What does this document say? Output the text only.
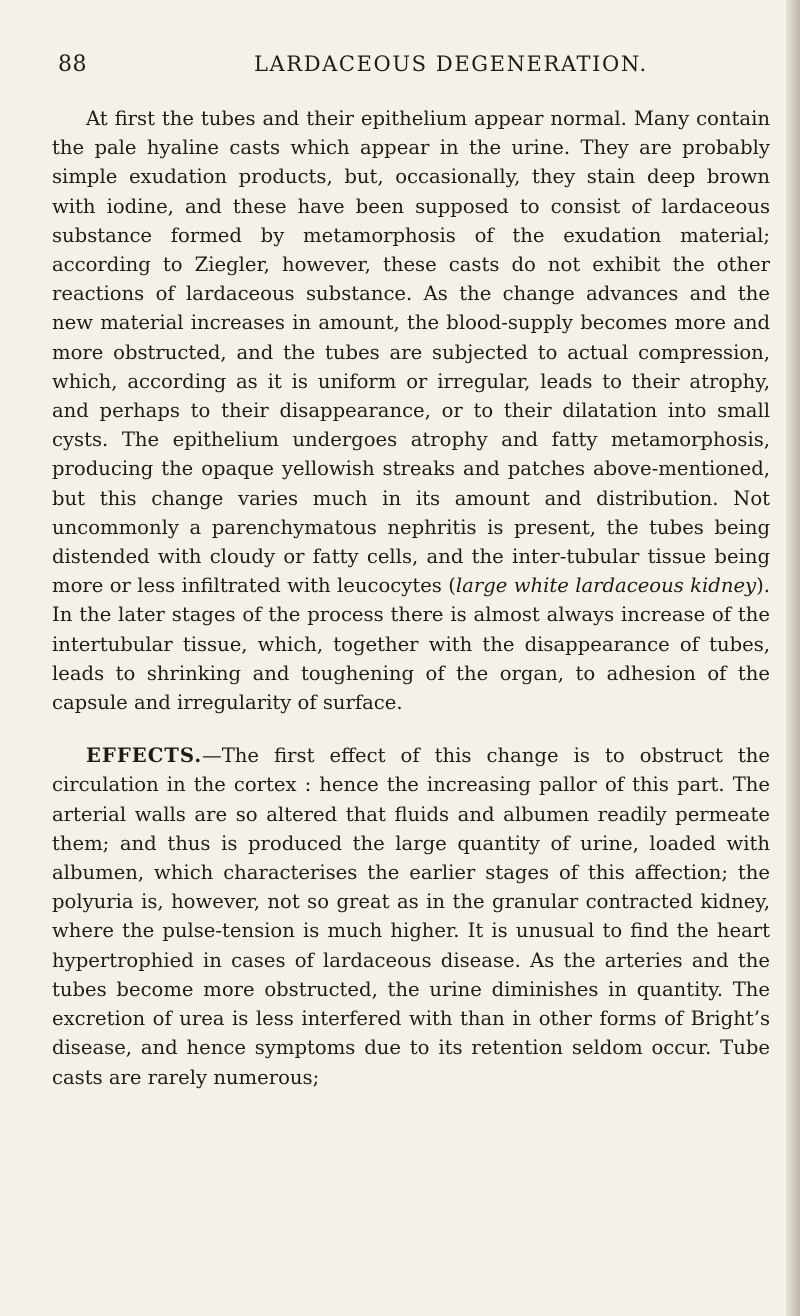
88	LARDACEOUS DEGENERATION.

At first the tubes and their epithelium appear normal. Many contain the pale hyaline casts which appear in the urine. They are probably simple exudation products, but, occasionally, they stain deep brown with iodine, and these have been supposed to consist of lardaceous substance formed by metamorphosis of the exudation material; according to Ziegler, however, these casts do not exhibit the other reactions of lardaceous substance. As the change advances and the new material increases in amount, the blood-supply becomes more and more obstructed, and the tubes are subjected to actual compression, which, according as it is uniform or irregular, leads to their atrophy, and perhaps to their disappearance, or to their dilatation into small cysts. The epithelium undergoes atrophy and fatty metamorphosis, producing the opaque yellowish streaks and patches above-mentioned, but this change varies much in its amount and distribution. Not uncommonly a parenchymatous nephritis is present, the tubes being distended with cloudy or fatty cells, and the inter-tubular tissue being more or less infiltrated with leucocytes (large white lardaceous kidney). In the later stages of the process there is almost always increase of the intertubular tissue, which, together with the disappearance of tubes, leads to shrinking and toughening of the organ, to adhesion of the capsule and irregularity of surface.

EFFECTS.—The first effect of this change is to obstruct the circulation in the cortex : hence the increasing pallor of this part. The arterial walls are so altered that fluids and albumen readily permeate them; and thus is produced the large quantity of urine, loaded with albumen, which characterises the earlier stages of this affection; the polyuria is, however, not so great as in the granular contracted kidney, where the pulse-tension is much higher. It is unusual to find the heart hypertrophied in cases of lardaceous disease. As the arteries and the tubes become more obstructed, the urine diminishes in quantity. The excretion of urea is less interfered with than in other forms of Bright’s disease, and hence symptoms due to its retention seldom occur. Tube casts are rarely numerous;
